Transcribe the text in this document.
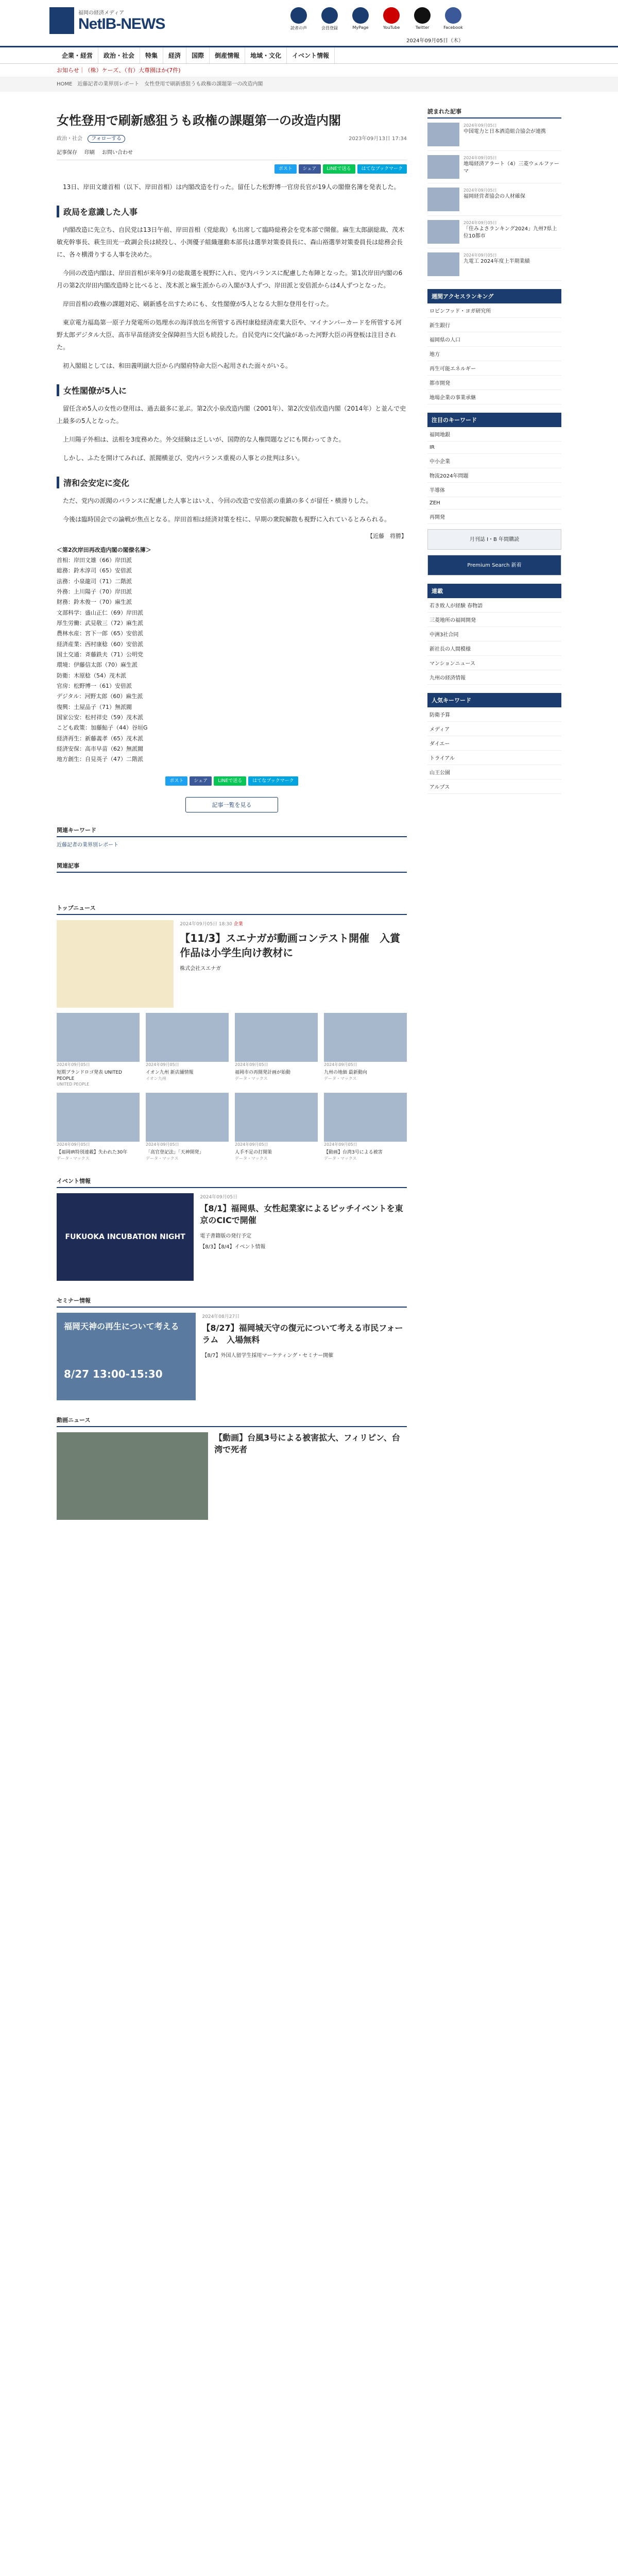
福岡の経済メディア
NetIB-NEWS	読者の声	会員登録	MyPage	YouTube	Twitter	Facebook
2024年09月05日（木）
企業・経営	政治・社会	特集	経済	国際	倒産情報	地域・文化	イベント情報
お知らせ｜（株）ケーズ、（有）大尊園ほか(7件)
HOME　近藤記者の業界別レポート　女性登用で刷新感狙うも政権の課題第一の改造内閣
女性登用で刷新感狙うも政権の課題第一の改造内閣
政治・社会　 フォローする	2023年09月13日 17:34
記事保存 印刷 お問い合わせ
ポスト	シェア	LINEで送る	はてなブックマーク

13日、岸田文雄首相（以下、岸田首相）は内閣改造を行った。留任した松野博一官房長官が19人の閣僚名簿を発表した。

政局を意識した人事

内閣改造に先立ち、自民党は13日午前、岸田首相（党総裁）も出席して臨時総務会を党本部で開催。麻生太郎副総裁、茂木敏充幹事長、萩生田光一政調会長は続投し、小渕優子組織運動本部長は選挙対策委員長に、森山裕選挙対策委員長は総務会長に、各々横滑りする人事を決めた。

今回の改造内閣は、岸田首相が来年9月の総裁選を視野に入れ、党内バランスに配慮した布陣となった。第1次岸田内閣の6月の第2次岸田内閣改造時と比べると、茂木派と麻生派からの入閣が3人ずつ、岸田派と安倍派からは4人ずつとなった。

岸田首相の政権の課題対応、刷新感を出すためにも、女性閣僚が5人となる大胆な登用を行った。

東京電力福島第一原子力発電所の処理水の海洋放出を所管する西村康稔経済産業大臣や、マイナンバーカードを所管する河野太郎デジタル大臣、高市早苗経済安全保障担当大臣も続投した。自民党内に交代論があった河野大臣の再登板は注目された。

初入閣組としては、和田義明副大臣から内閣府特命大臣へ起用された面々がいる。

女性閣僚が5人に

留任含め5人の女性の登用は、過去最多に並ぶ。第2次小泉改造内閣（2001年）、第2次安倍改造内閣（2014年）と並んで史上最多の5人となった。

上川陽子外相は、法相を3度務めた。外交経験は乏しいが、国際的な人権問題などにも関わってきた。

しかし、ふたを開けてみれば、派閥横並び、党内バランス重視の人事との批判は多い。

清和会安定に変化

ただ、党内の派閥のバランスに配慮した人事とはいえ、今回の改造で安倍派の重鎮の多くが留任・横滑りした。

今後は臨時国会での論戦が焦点となる。岸田首相は経済対策を柱に、早期の衆院解散も視野に入れているとみられる。

【近藤　将勝】
＜第2次岸田再改造内閣の閣僚名簿＞
首相：岸田文雄（66）岸田派
総務：鈴木淳司（65）安倍派
法務：小泉龍司（71）二階派
外務：上川陽子（70）岸田派
財務：鈴木俊一（70）麻生派
文部科学：盛山正仁（69）岸田派
厚生労働：武見敬三（72）麻生派
農林水産：宮下一郎（65）安倍派
経済産業：西村康稔（60）安倍派
国土交通：斉藤鉄夫（71）公明党
環境：伊藤信太郎（70）麻生派
防衛：木原稔（54）茂木派
官房：松野博一（61）安倍派
デジタル：河野太郎（60）麻生派
復興：土屋品子（71）無派閥
国家公安：松村祥史（59）茂木派
こども政策：加藤鮎子（44）谷垣G
経済再生：新藤義孝（65）茂木派
経済安保：高市早苗（62）無派閥
地方創生：自見英子（47）二階派
ポスト	シェア	LINEで送る	はてなブックマーク
記事一覧を見る
関連キーワード
近藤記者の業界別レポート
関連記事
トップニュース
2024年09月05日 18:30 企業
【11/3】スエナガが動画コンテスト開催　入賞作品は小学生向け教材に
株式会社スエナガ
2024年09月05日
短期ブランドロゴ発表 UNITED PEOPLE
UNITED PEOPLE
2024年09月05日
イオン九州 新店舗情報
イオン九州
2024年09月05日
福岡市の再開発計画が始動
データ・マックス
2024年09月05日
九州の地価 最新動向
データ・マックス
2024年09月05日
【福岡IR特別連載】失われた30年
データ・マックス
2024年09月05日
「高官登記法」「天神開発」
データ・マックス
2024年09月05日
人手不足の打開策
データ・マックス
2024年09月05日
【動画】台湾3号による被害
データ・マックス
イベント情報
FUKUOKA INCUBATION NIGHT
2024年09月05日
【8/1】福岡県、女性起業家によるピッチイベントを東京のCICで開催
電子書籍版の発行予定
【8/3】【8/4】イベント情報
セミナー情報
福岡天神の再生について考える
8/27 13:00-15:30
2024年08月27日
【8/27】福岡城天守の復元について考える市民フォーラム　入場無料
【8/7】外国人留学生採用マーケティング・セミナー開催
動画ニュース
【動画】台風3号による被害拡大、フィリピン、台湾で死者
読まれた記事
2024年09月05日
中国電力と日本酒造組合協会が連携
2024年09月05日
地場経済アラート（4）三菱ウェルファーマ
2024年09月05日
福岡経営者協会の人材確保
2024年09月05日
「住みよさランキング2024」九州7県上位10都市
2024年09月05日
九電工 2024年度上半期業績
週間アクセスランキング
ロビンフッド・ヨガ研究所
新生銀行
福岡県の人口
地方
再生可能エネルギー
都市開発
地場企業の事業承継
注目のキーワード
福岡地銀
IR
中小企業
物流2024年問題
半導体
ZEH
再開発
月刊誌 I・B 年間購読
Premium Search 新着
連載
若き敗人が経験 春物語
三菱地所の福岡開発
中洲3社合同
新社長の人間模様
マンションニュース
九州の経済情報
人気キーワード
防衛予算
メディア
ダイエー
トライアル
山王公園
アルプス
